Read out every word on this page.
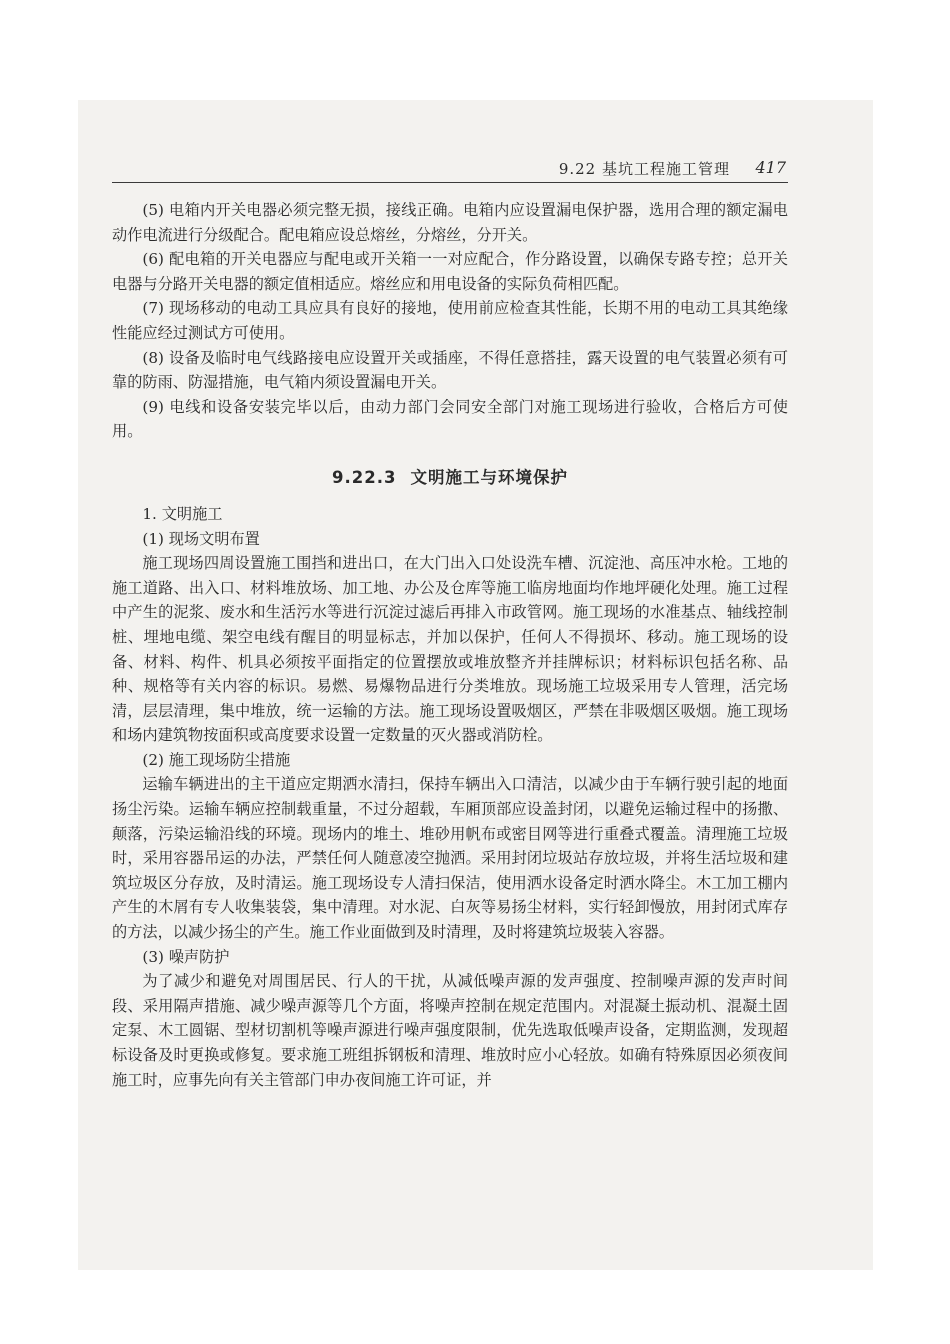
9.22 基坑工程施工管理 417

(5) 电箱内开关电器必须完整无损，接线正确。电箱内应设置漏电保护器，选用合理的额定漏电动作电流进行分级配合。配电箱应设总熔丝，分熔丝，分开关。

(6) 配电箱的开关电器应与配电或开关箱一一对应配合，作分路设置，以确保专路专控；总开关电器与分路开关电器的额定值相适应。熔丝应和用电设备的实际负荷相匹配。

(7) 现场移动的电动工具应具有良好的接地，使用前应检查其性能，长期不用的电动工具其绝缘性能应经过测试方可使用。

(8) 设备及临时电气线路接电应设置开关或插座，不得任意搭挂，露天设置的电气装置必须有可靠的防雨、防湿措施，电气箱内须设置漏电开关。

(9) 电线和设备安装完毕以后，由动力部门会同安全部门对施工现场进行验收，合格后方可使用。

9.22.3 文明施工与环境保护

1. 文明施工

(1) 现场文明布置

施工现场四周设置施工围挡和进出口，在大门出入口处设洗车槽、沉淀池、高压冲水枪。工地的施工道路、出入口、材料堆放场、加工地、办公及仓库等施工临房地面均作地坪硬化处理。施工过程中产生的泥浆、废水和生活污水等进行沉淀过滤后再排入市政管网。施工现场的水准基点、轴线控制桩、埋地电缆、架空电线有醒目的明显标志，并加以保护，任何人不得损坏、移动。施工现场的设备、材料、构件、机具必须按平面指定的位置摆放或堆放整齐并挂牌标识；材料标识包括名称、品种、规格等有关内容的标识。易燃、易爆物品进行分类堆放。现场施工垃圾采用专人管理，活完场清，层层清理，集中堆放，统一运输的方法。施工现场设置吸烟区，严禁在非吸烟区吸烟。施工现场和场内建筑物按面积或高度要求设置一定数量的灭火器或消防栓。

(2) 施工现场防尘措施

运输车辆进出的主干道应定期洒水清扫，保持车辆出入口清洁，以减少由于车辆行驶引起的地面扬尘污染。运输车辆应控制载重量，不过分超载，车厢顶部应设盖封闭，以避免运输过程中的扬撒、颠落，污染运输沿线的环境。现场内的堆土、堆砂用帆布或密目网等进行重叠式覆盖。清理施工垃圾时，采用容器吊运的办法，严禁任何人随意凌空抛洒。采用封闭垃圾站存放垃圾，并将生活垃圾和建筑垃圾区分存放，及时清运。施工现场设专人清扫保洁，使用洒水设备定时洒水降尘。木工加工棚内产生的木屑有专人收集装袋，集中清理。对水泥、白灰等易扬尘材料，实行轻卸慢放，用封闭式库存的方法，以减少扬尘的产生。施工作业面做到及时清理，及时将建筑垃圾装入容器。

(3) 噪声防护

为了减少和避免对周围居民、行人的干扰，从减低噪声源的发声强度、控制噪声源的发声时间段、采用隔声措施、减少噪声源等几个方面，将噪声控制在规定范围内。对混凝土振动机、混凝土固定泵、木工圆锯、型材切割机等噪声源进行噪声强度限制，优先选取低噪声设备，定期监测，发现超标设备及时更换或修复。要求施工班组拆钢板和清理、堆放时应小心轻放。如确有特殊原因必须夜间施工时，应事先向有关主管部门申办夜间施工许可证，并
